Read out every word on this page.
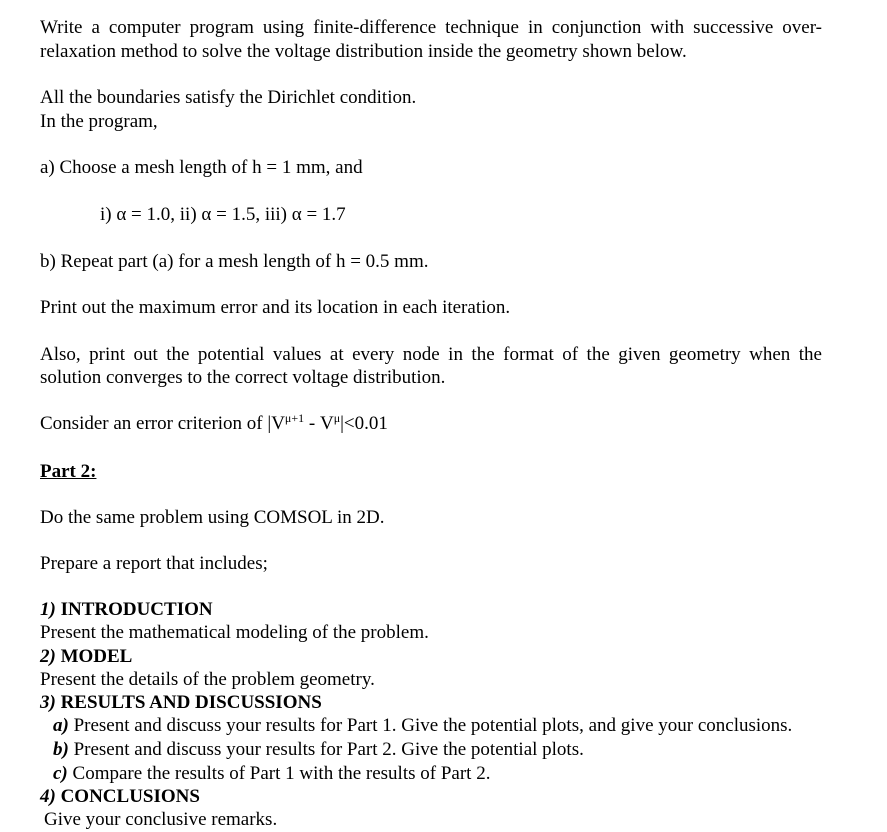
Write a computer program using finite-difference technique in conjunction with successive over-
relaxation method to solve the voltage distribution inside the geometry shown below.
All the boundaries satisfy the Dirichlet condition.
In the program,
a) Choose a mesh length of h = 1 mm, and
i) α = 1.0, ii) α = 1.5, iii) α = 1.7
b) Repeat part (a) for a mesh length of h = 0.5 mm.
Print out the maximum error and its location in each iteration.
Also, print out the potential values at every node in the format of the given geometry when the
solution converges to the correct voltage distribution.
Consider an error criterion of $|V^{\mu+1} - V^\mu|<0.01$
Part 2:
Do the same problem using COMSOL in 2D.
Prepare a report that includes;
1) INTRODUCTION
Present the mathematical modeling of the problem.
2) MODEL
Present the details of the problem geometry.
3) RESULTS AND DISCUSSIONS
a) Present and discuss your results for Part 1. Give the potential plots, and give your conclusions.
b) Present and discuss your results for Part 2. Give the potential plots.
c) Compare the results of Part 1 with the results of Part 2.
4) CONCLUSIONS
Give your conclusive remarks.
